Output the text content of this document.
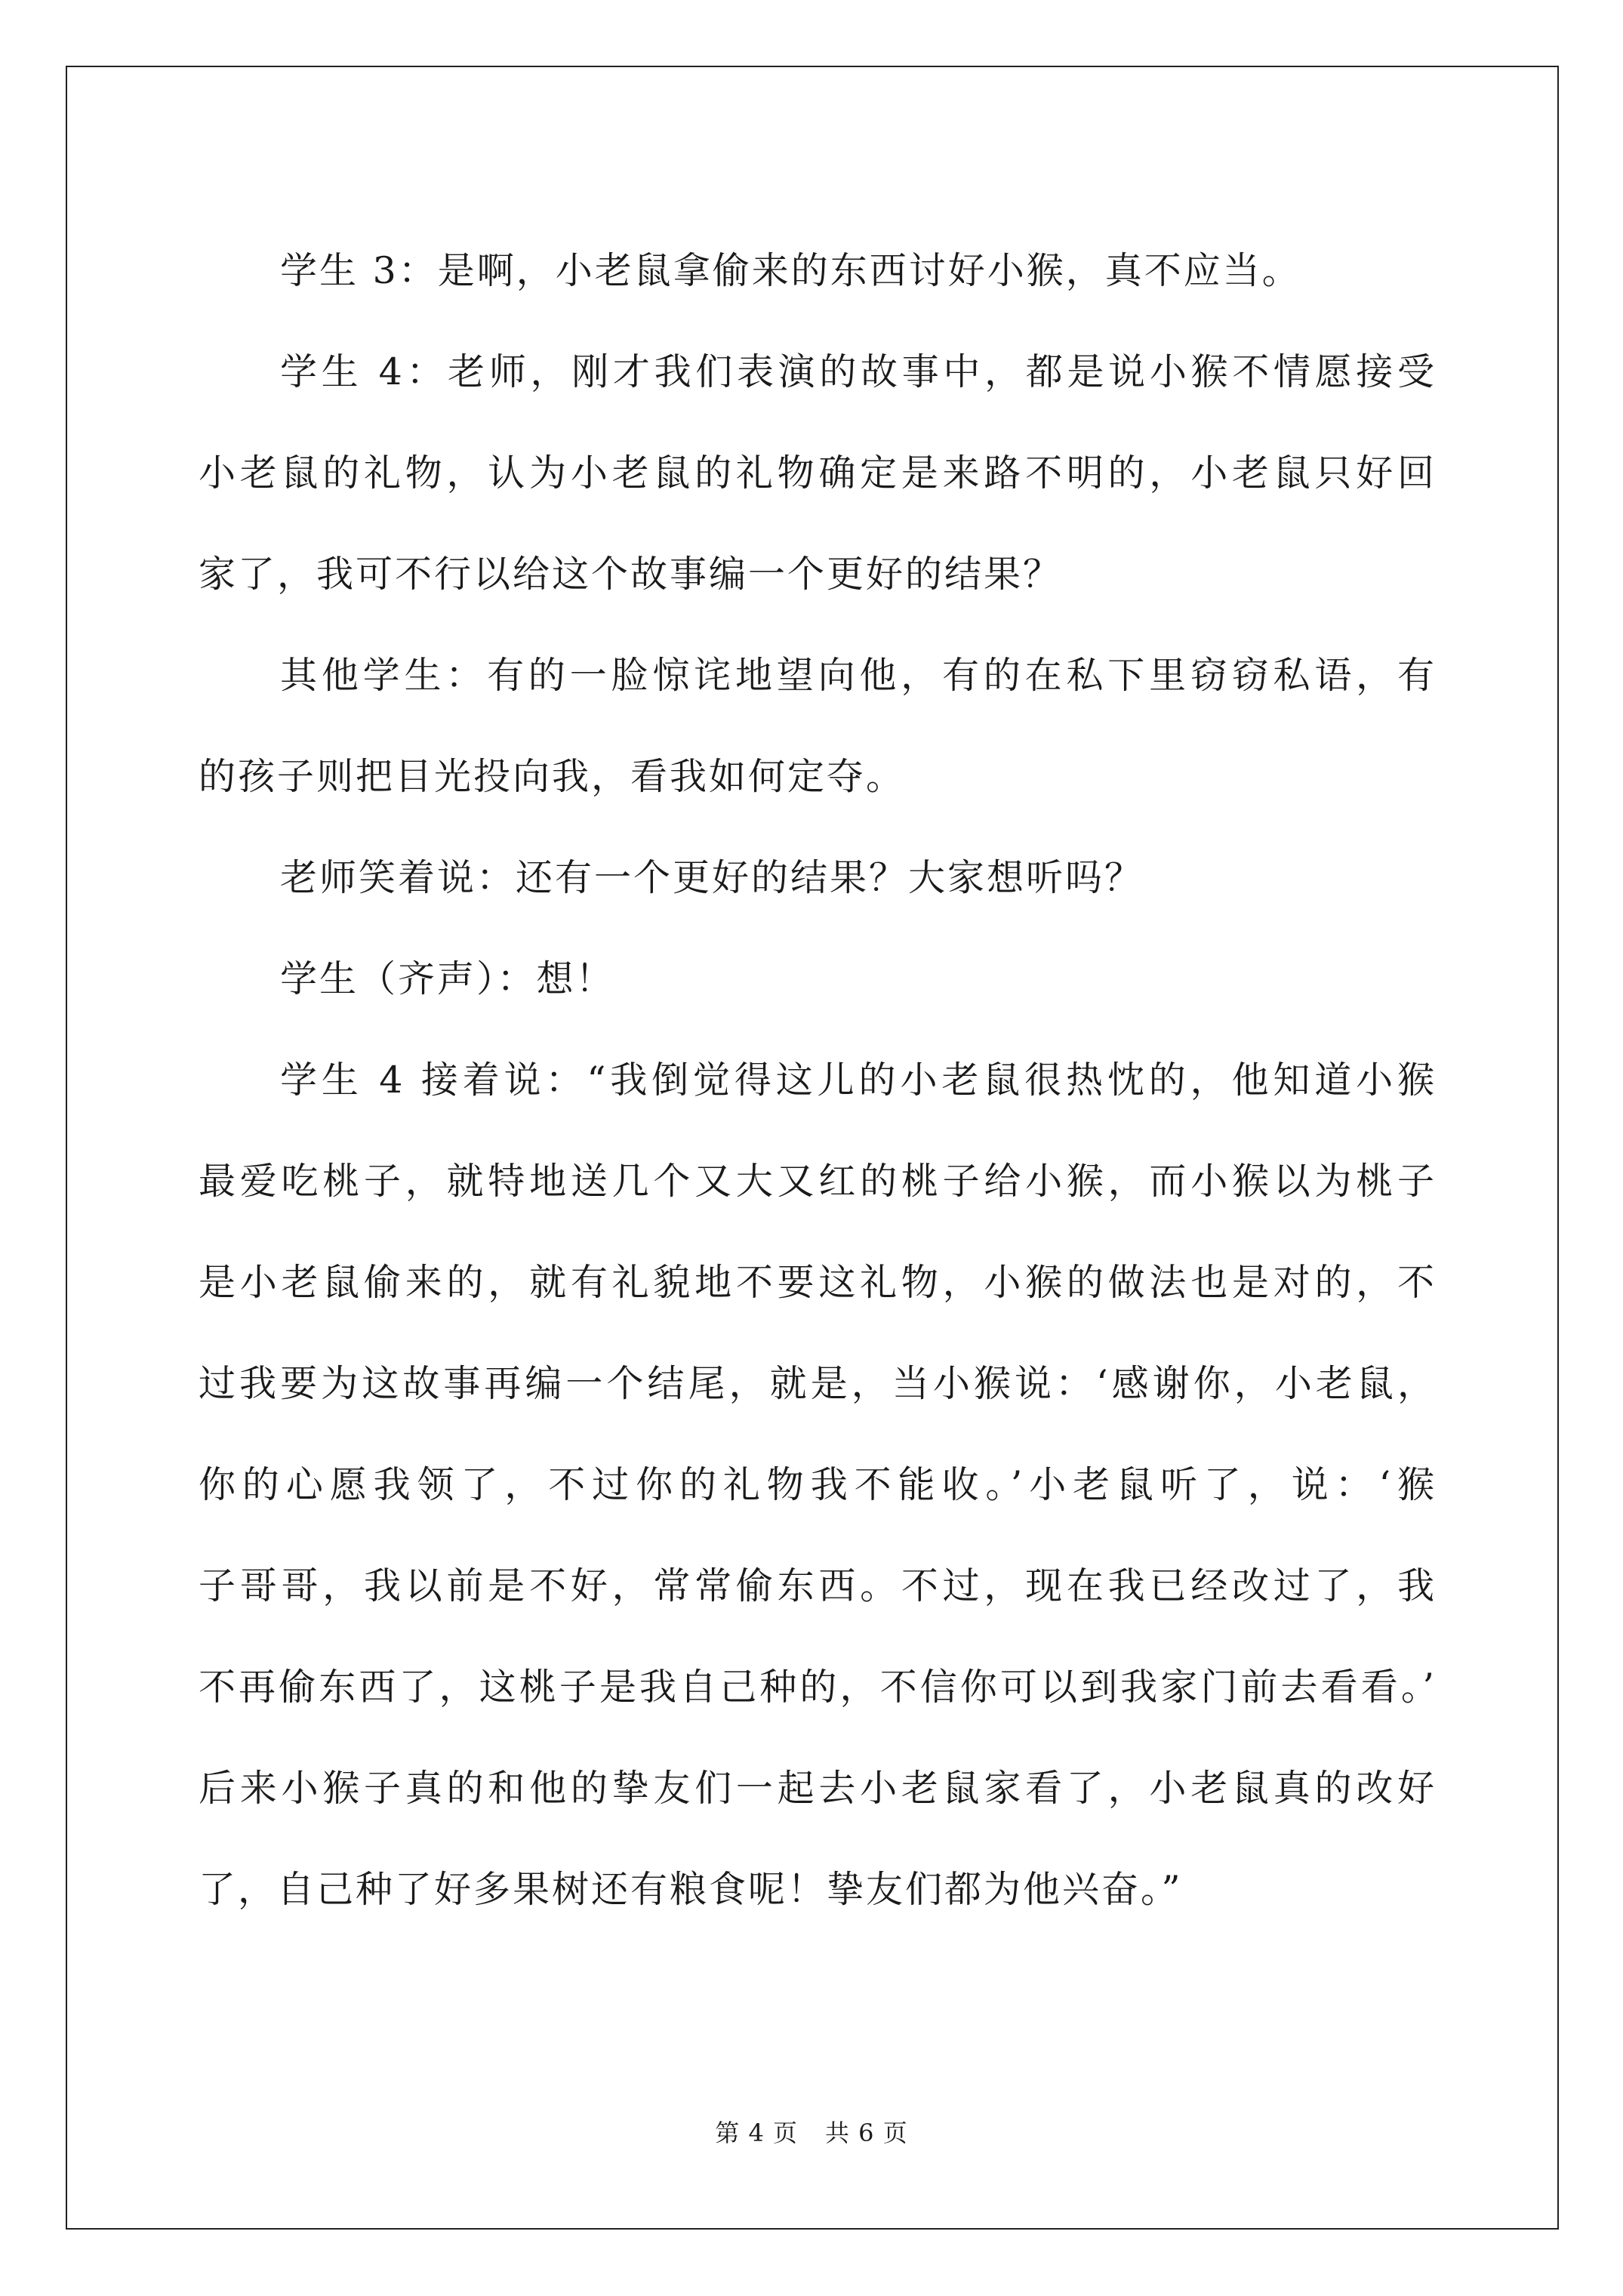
学生 3：是啊，小老鼠拿偷来的东西讨好小猴，真不应当。
学生 4：老师，刚才我们表演的故事中，都是说小猴不情愿接受
小老鼠的礼物，认为小老鼠的礼物确定是来路不明的，小老鼠只好回
家了，我可不行以给这个故事编一个更好的结果？
其他学生：有的一脸惊诧地望向他，有的在私下里窃窃私语，有
的孩子则把目光投向我，看我如何定夺。
老师笑着说：还有一个更好的结果？大家想听吗？
学生（齐声）：想！
学生 4 接着说：“我倒觉得这儿的小老鼠很热忱的，他知道小猴
最爱吃桃子，就特地送几个又大又红的桃子给小猴，而小猴以为桃子
是小老鼠偷来的，就有礼貌地不要这礼物，小猴的做法也是对的，不
过我要为这故事再编一个结尾，就是，当小猴说：‘感谢你，小老鼠，
你的心愿我领了，不过你的礼物我不能收。’小老鼠听了，说：‘猴
子哥哥，我以前是不好，常常偷东西。不过，现在我已经改过了，我
不再偷东西了，这桃子是我自己种的，不信你可以到我家门前去看看。’
后来小猴子真的和他的挚友们一起去小老鼠家看了，小老鼠真的改好
了，自己种了好多果树还有粮食呢！挚友们都为他兴奋。”
第 4 页 共 6 页
